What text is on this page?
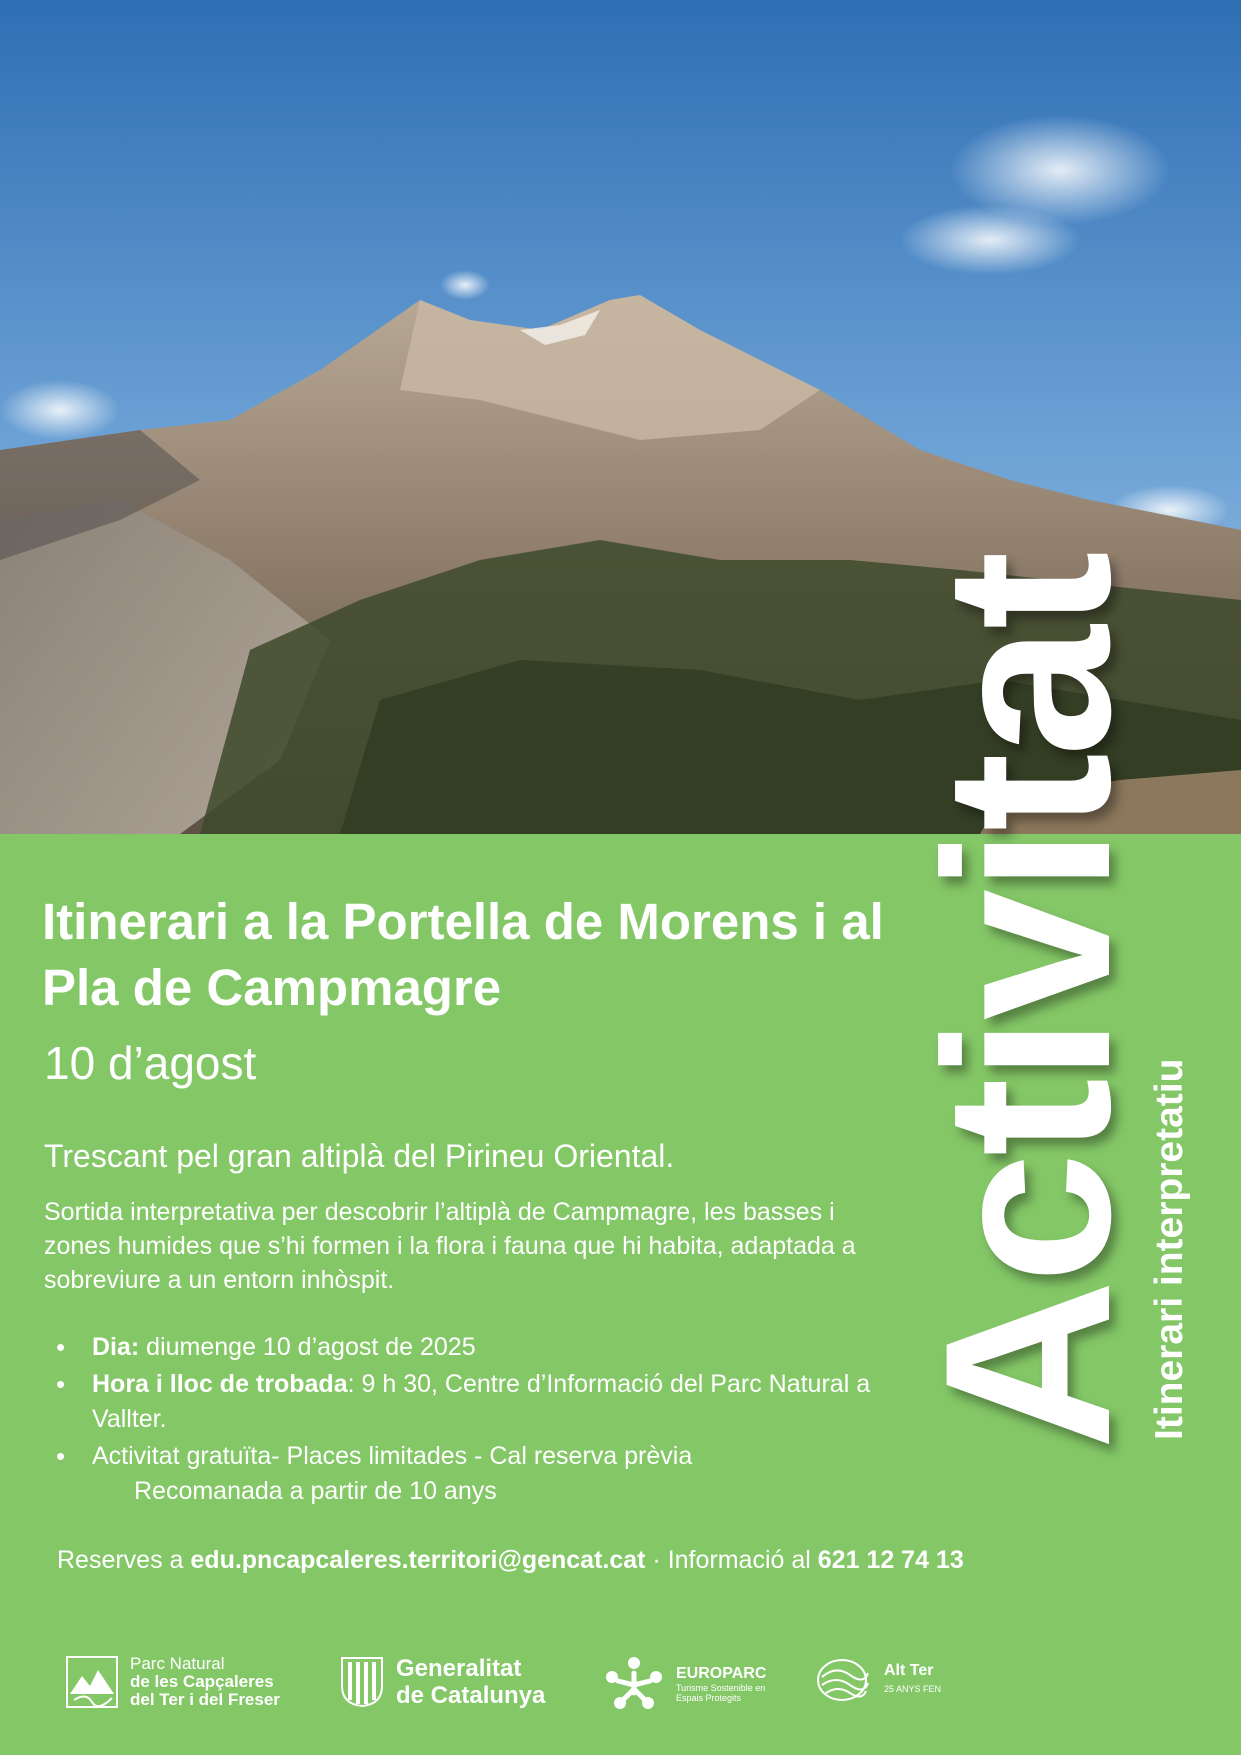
Activitat
Itinerari interpretatiu
Itinerari a la Portella de Morens i al Pla de Campmagre

10 d’agost

Trescant pel gran altiplà del Pirineu Oriental.

Sortida interpretativa per descobrir l’altiplà de Campmagre, les basses i zones humides que s’hi formen i la flora i fauna que hi habita, adaptada a sobreviure a un entorn inhòspit.

• Dia: diumenge 10 d’agost de 2025
• Hora i lloc de trobada: 9 h 30, Centre d’Informació del Parc Natural a Vallter.
• Activitat gratuïta- Places limitades - Cal reserva prèvia
Recomanada a partir de 10 anys

Reserves a edu.pncapcaleres.territori@gencat.cat · Informació al 621 12 74 13

Parc Natural
de les Capçaleres
del Ter i del Freser
Generalitat
de Catalunya
EUROPARC
Turisme Sostenible en
Espais Protegits
Alt Ter
25 ANYS FEN
